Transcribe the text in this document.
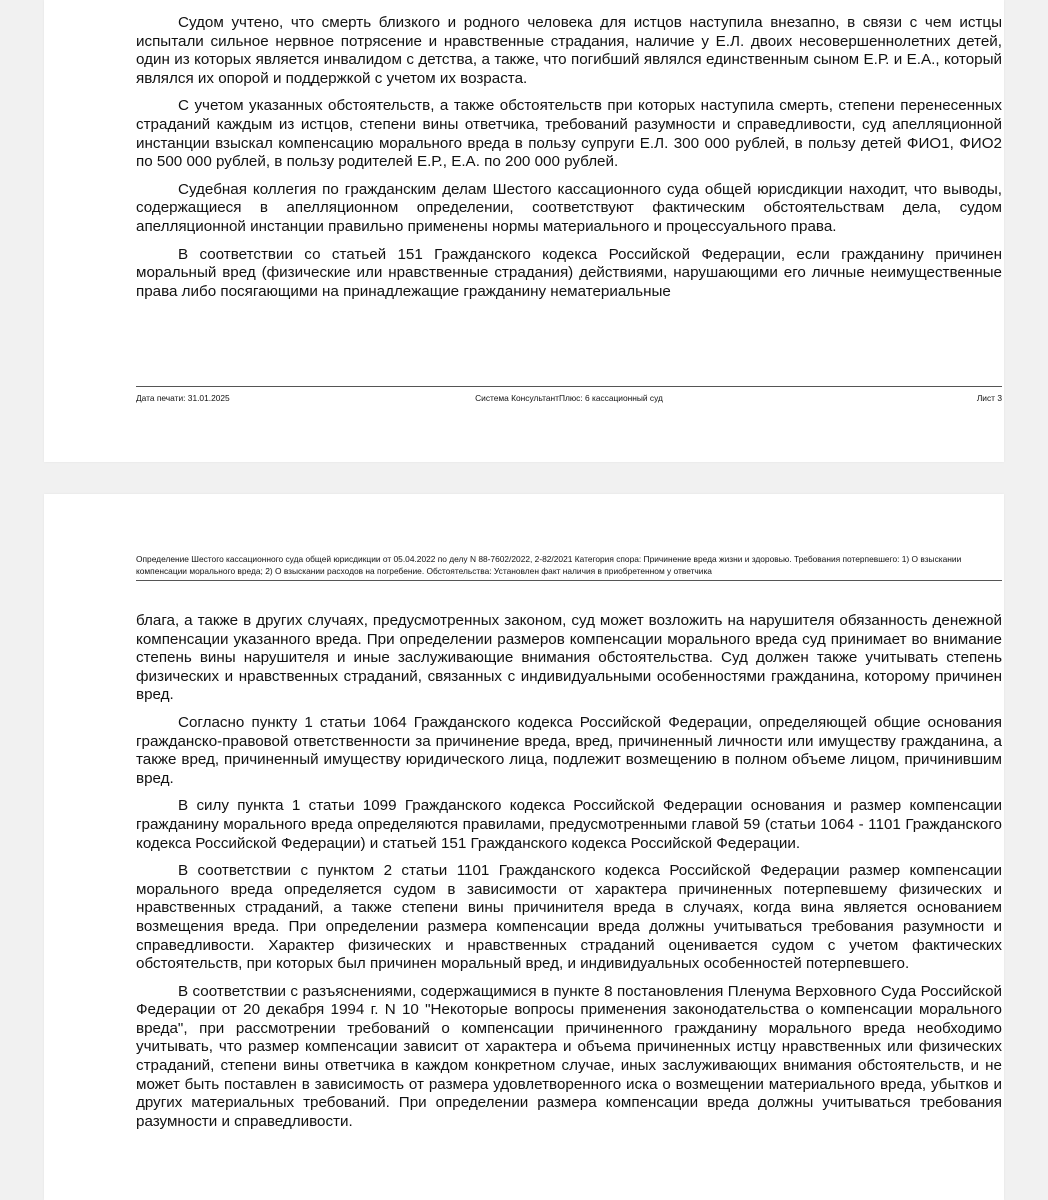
Судом учтено, что смерть близкого и родного человека для истцов наступила внезапно, в связи с чем истцы испытали сильное нервное потрясение и нравственные страдания, наличие у Е.Л. двоих несовершеннолетних детей, один из которых является инвалидом с детства, а также, что погибший являлся единственным сыном Е.Р. и Е.А., который являлся их опорой и поддержкой с учетом их возраста.

С учетом указанных обстоятельств, а также обстоятельств при которых наступила смерть, степени перенесенных страданий каждым из истцов, степени вины ответчика, требований разумности и справедливости, суд апелляционной инстанции взыскал компенсацию морального вреда в пользу супруги Е.Л. 300 000 рублей, в пользу детей ФИО1, ФИО2 по 500 000 рублей, в пользу родителей Е.Р., Е.А. по 200 000 рублей.

Судебная коллегия по гражданским делам Шестого кассационного суда общей юрисдикции находит, что выводы, содержащиеся в апелляционном определении, соответствуют фактическим обстоятельствам дела, судом апелляционной инстанции правильно применены нормы материального и процессуального права.

В соответствии со статьей 151 Гражданского кодекса Российской Федерации, если гражданину причинен моральный вред (физические или нравственные страдания) действиями, нарушающими его личные неимущественные права либо посягающими на принадлежащие гражданину нематериальные

Дата печати: 31.01.2025	Система КонсультантПлюс: 6 кассационный суд	Лист 3
Определение Шестого кассационного суда общей юрисдикции от 05.04.2022 по делу N 88-7602/2022, 2-82/2021 Категория спора: Причинение вреда жизни и здоровью. Требования потерпевшего: 1) О взыскании компенсации морального вреда; 2) О взыскании расходов на погребение. Обстоятельства: Установлен факт наличия в приобретенном у ответчика

блага, а также в других случаях, предусмотренных законом, суд может возложить на нарушителя обязанность денежной компенсации указанного вреда. При определении размеров компенсации морального вреда суд принимает во внимание степень вины нарушителя и иные заслуживающие внимания обстоятельства. Суд должен также учитывать степень физических и нравственных страданий, связанных с индивидуальными особенностями гражданина, которому причинен вред.

Согласно пункту 1 статьи 1064 Гражданского кодекса Российской Федерации, определяющей общие основания гражданско-правовой ответственности за причинение вреда, вред, причиненный личности или имуществу гражданина, а также вред, причиненный имуществу юридического лица, подлежит возмещению в полном объеме лицом, причинившим вред.

В силу пункта 1 статьи 1099 Гражданского кодекса Российской Федерации основания и размер компенсации гражданину морального вреда определяются правилами, предусмотренными главой 59 (статьи 1064 - 1101 Гражданского кодекса Российской Федерации) и статьей 151 Гражданского кодекса Российской Федерации.

В соответствии с пунктом 2 статьи 1101 Гражданского кодекса Российской Федерации размер компенсации морального вреда определяется судом в зависимости от характера причиненных потерпевшему физических и нравственных страданий, а также степени вины причинителя вреда в случаях, когда вина является основанием возмещения вреда. При определении размера компенсации вреда должны учитываться требования разумности и справедливости. Характер физических и нравственных страданий оценивается судом с учетом фактических обстоятельств, при которых был причинен моральный вред, и индивидуальных особенностей потерпевшего.

В соответствии с разъяснениями, содержащимися в пункте 8 постановления Пленума Верховного Суда Российской Федерации от 20 декабря 1994 г. N 10 "Некоторые вопросы применения законодательства о компенсации морального вреда", при рассмотрении требований о компенсации причиненного гражданину морального вреда необходимо учитывать, что размер компенсации зависит от характера и объема причиненных истцу нравственных или физических страданий, степени вины ответчика в каждом конкретном случае, иных заслуживающих внимания обстоятельств, и не может быть поставлен в зависимость от размера удовлетворенного иска о возмещении материального вреда, убытков и других материальных требований. При определении размера компенсации вреда должны учитываться требования разумности и справедливости.
